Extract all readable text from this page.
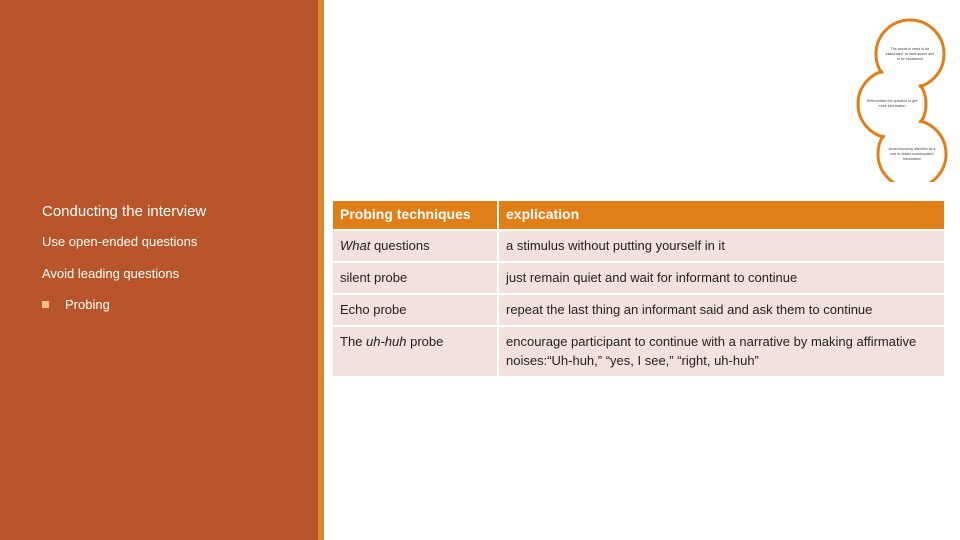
Conducting the interview
Use open-ended questions
Avoid leading questions
Probing
The words in need to be elaborated, to have sound and to be broadened
Reformulate the question to get more information
Avoid imposing attention as a tool to obtain unanticipated information
Probing techniques	explication
What questions	a stimulus without putting yourself in it
silent probe	just remain quiet and wait for informant to continue
Echo probe	repeat the last thing an informant said and ask them to continue
The uh-huh probe	encourage participant to continue with a narrative by making affirmative noises:“Uh-huh,” “yes, I see,” “right, uh-huh”
